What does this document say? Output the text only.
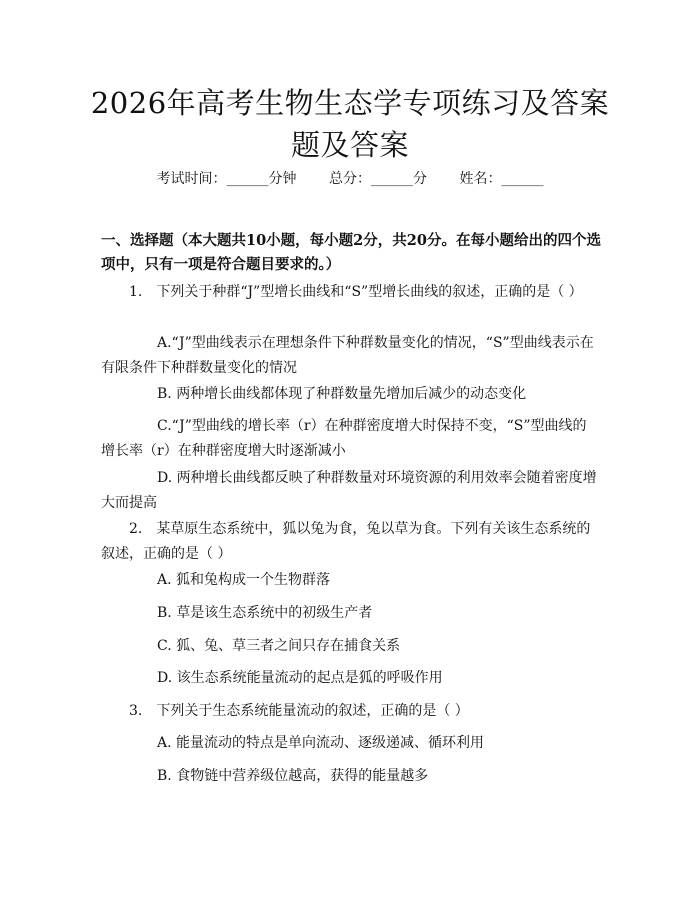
2026年高考生物生态学专项练习及答案题及答案
考试时间：______分钟 总分：______分 姓名：______

一、选择题（本大题共10小题，每小题2分，共20分。在每小题给出的四个选项中，只有一项是符合题目要求的。）

1.　下列关于种群“J”型增长曲线和“S”型增长曲线的叙述，正确的是（ ）

A.“J”型曲线表示在理想条件下种群数量变化的情况，“S”型曲线表示在有限条件下种群数量变化的情况

B. 两种增长曲线都体现了种群数量先增加后减少的动态变化

C.“J”型曲线的增长率（r）在种群密度增大时保持不变，“S”型曲线的增长率（r）在种群密度增大时逐渐减小

D. 两种增长曲线都反映了种群数量对环境资源的利用效率会随着密度增大而提高

2.　某草原生态系统中，狐以兔为食，兔以草为食。下列有关该生态系统的叙述，正确的是（ ）

A. 狐和兔构成一个生物群落

B. 草是该生态系统中的初级生产者

C. 狐、兔、草三者之间只存在捕食关系

D. 该生态系统能量流动的起点是狐的呼吸作用

3.　下列关于生态系统能量流动的叙述，正确的是（ ）

A. 能量流动的特点是单向流动、逐级递减、循环利用

B. 食物链中营养级位越高，获得的能量越多
